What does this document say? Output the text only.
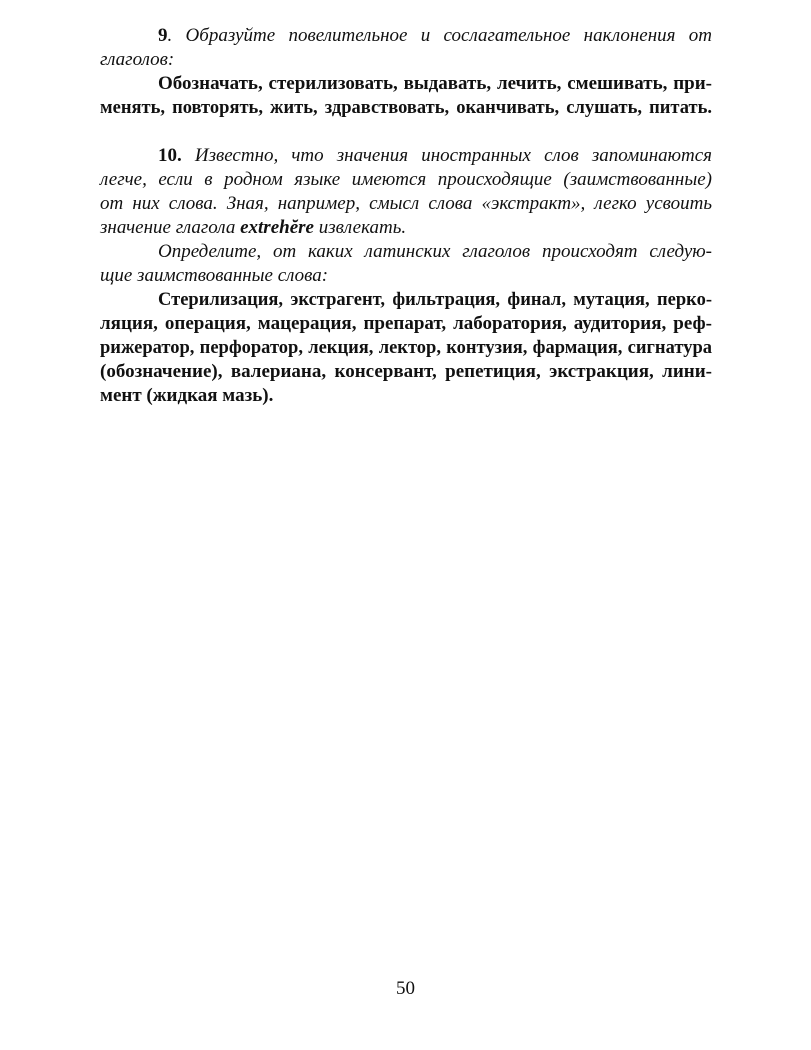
9. Образуйте повелительное и сослагательное наклонения от
глаголов:
Обозначать, стерилизовать, выдавать, лечить, смешивать, при-
менять, повторять, жить, здравствовать, оканчивать, слушать, питать.
10. Известно, что значения иностранных слов запоминаются
легче, если в родном языке имеются происходящие (заимствованные)
от них слова. Зная, например, смысл слова «экстракт», легко усвоить
значение глагола extrehĕre извлекать.
Определите, от каких латинских глаголов происходят следую-
щие заимствованные слова:
Стерилизация, экстрагент, фильтрация, финал, мутация, перко-
ляция, операция, мацерация, препарат, лаборатория, аудитория, реф-
рижератор, перфоратор, лекция, лектор, контузия, фармация, сигнатура
(обозначение), валериана, консервант, репетиция, экстракция, лини-
мент (жидкая мазь).
50
